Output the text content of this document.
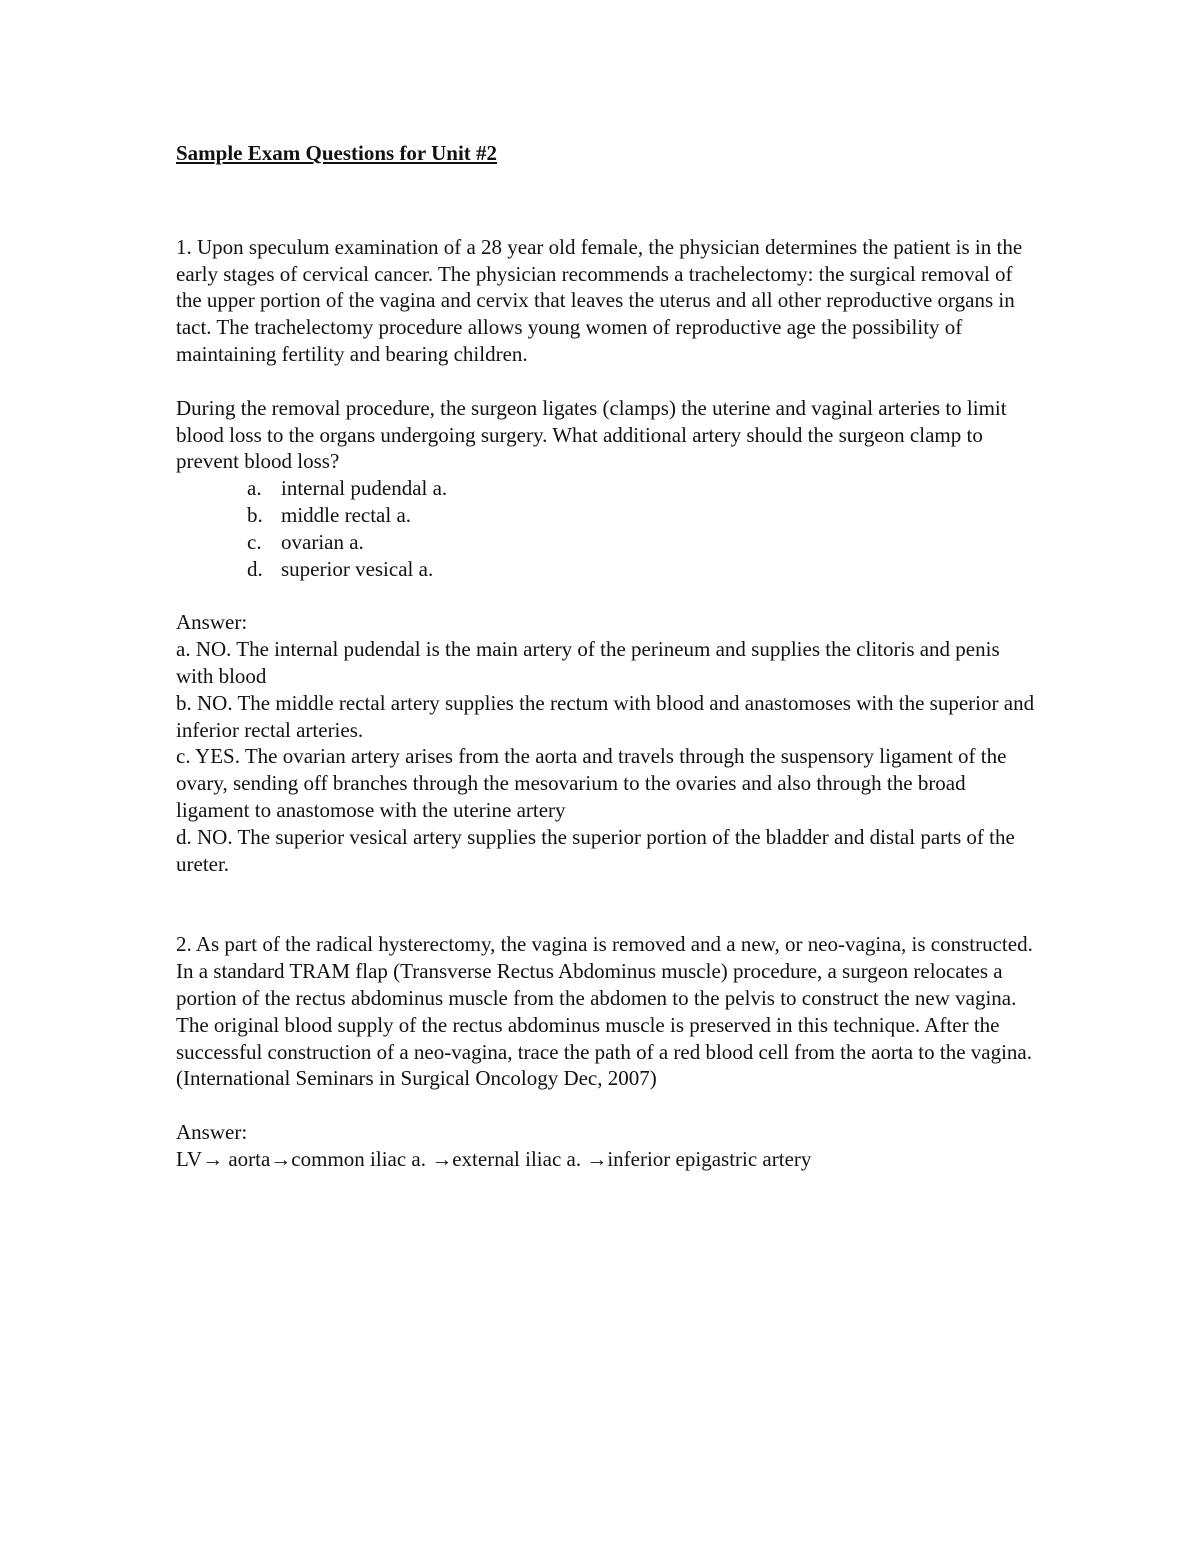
Sample Exam Questions for Unit #2

1. Upon speculum examination of a 28 year old female, the physician determines the patient is in the early stages of cervical cancer. The physician recommends a trachelectomy: the surgical removal of the upper portion of the vagina and cervix that leaves the uterus and all other reproductive organs in tact. The trachelectomy procedure allows young women of reproductive age the possibility of maintaining fertility and bearing children.

During the removal procedure, the surgeon ligates (clamps) the uterine and vaginal arteries to limit blood loss to the organs undergoing surgery. What additional artery should the surgeon clamp to prevent blood loss?

a. internal pudendal a.
b. middle rectal a.
c. ovarian a.
d. superior vesical a.

Answer:

a. NO. The internal pudendal is the main artery of the perineum and supplies the clitoris and penis with blood

b. NO. The middle rectal artery supplies the rectum with blood and anastomoses with the superior and inferior rectal arteries.

c. YES. The ovarian artery arises from the aorta and travels through the suspensory ligament of the ovary, sending off branches through the mesovarium to the ovaries and also through the broad ligament to anastomose with the uterine artery

d. NO. The superior vesical artery supplies the superior portion of the bladder and distal parts of the ureter.

2. As part of the radical hysterectomy, the vagina is removed and a new, or neo-vagina, is constructed. In a standard TRAM flap (Transverse Rectus Abdominus muscle) procedure, a surgeon relocates a portion of the rectus abdominus muscle from the abdomen to the pelvis to construct the new vagina. The original blood supply of the rectus abdominus muscle is preserved in this technique. After the successful construction of a neo-vagina, trace the path of a red blood cell from the aorta to the vagina. (International Seminars in Surgical Oncology Dec, 2007)

Answer:

LV→ aorta→common iliac a. →external iliac a. →inferior epigastric artery
